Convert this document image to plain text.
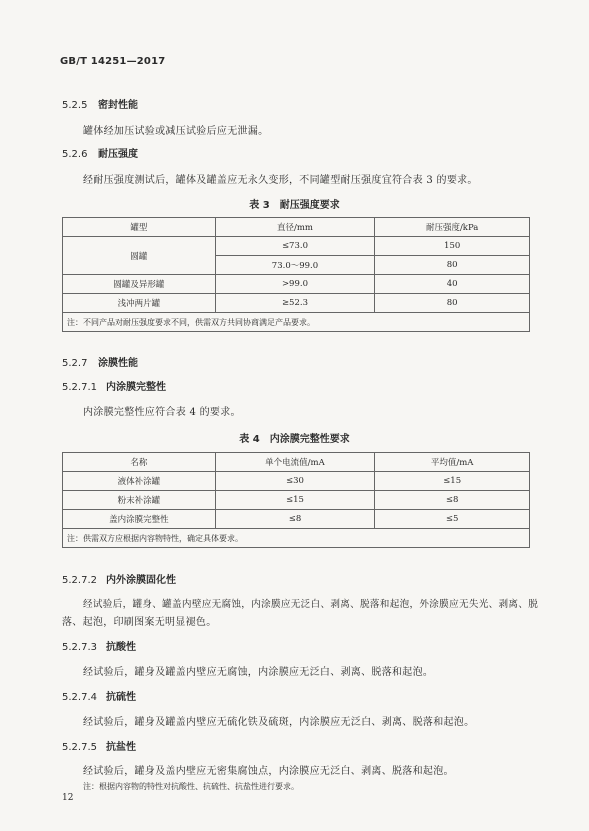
GB/T 14251—2017
5.2.5 密封性能
罐体经加压试验或减压试验后应无泄漏。
5.2.6 耐压强度
经耐压强度测试后，罐体及罐盖应无永久变形，不同罐型耐压强度宜符合表 3 的要求。
表 3　耐压强度要求
罐型	直径/mm	耐压强度/kPa
圆罐	≤73.0	150
	73.0～99.0	80
圆罐及异形罐	>99.0	40
浅冲两片罐	≥52.3	80
注：不同产品对耐压强度要求不同，供需双方共同协商满足产品要求。		
5.2.7 涂膜性能
5.2.7.1 内涂膜完整性
内涂膜完整性应符合表 4 的要求。
表 4　内涂膜完整性要求
名称	单个电流值/mA	平均值/mA
液体补涂罐	≤30	≤15
粉末补涂罐	≤15	≤8
盖内涂膜完整性	≤8	≤5
注：供需双方应根据内容物特性，确定具体要求。		
5.2.7.2 内外涂膜固化性
经试验后，罐身、罐盖内壁应无腐蚀，内涂膜应无泛白、剥离、脱落和起泡，外涂膜应无失光、剥离、脱
落、起泡，印刷图案无明显褪色。
5.2.7.3 抗酸性
经试验后，罐身及罐盖内壁应无腐蚀，内涂膜应无泛白、剥离、脱落和起泡。
5.2.7.4 抗硫性
经试验后，罐身及罐盖内壁应无硫化铁及硫斑，内涂膜应无泛白、剥离、脱落和起泡。
5.2.7.5 抗盐性
经试验后，罐身及盖内壁应无密集腐蚀点，内涂膜应无泛白、剥离、脱落和起泡。
注：根据内容物的特性对抗酸性、抗硫性、抗盐性进行要求。
12
